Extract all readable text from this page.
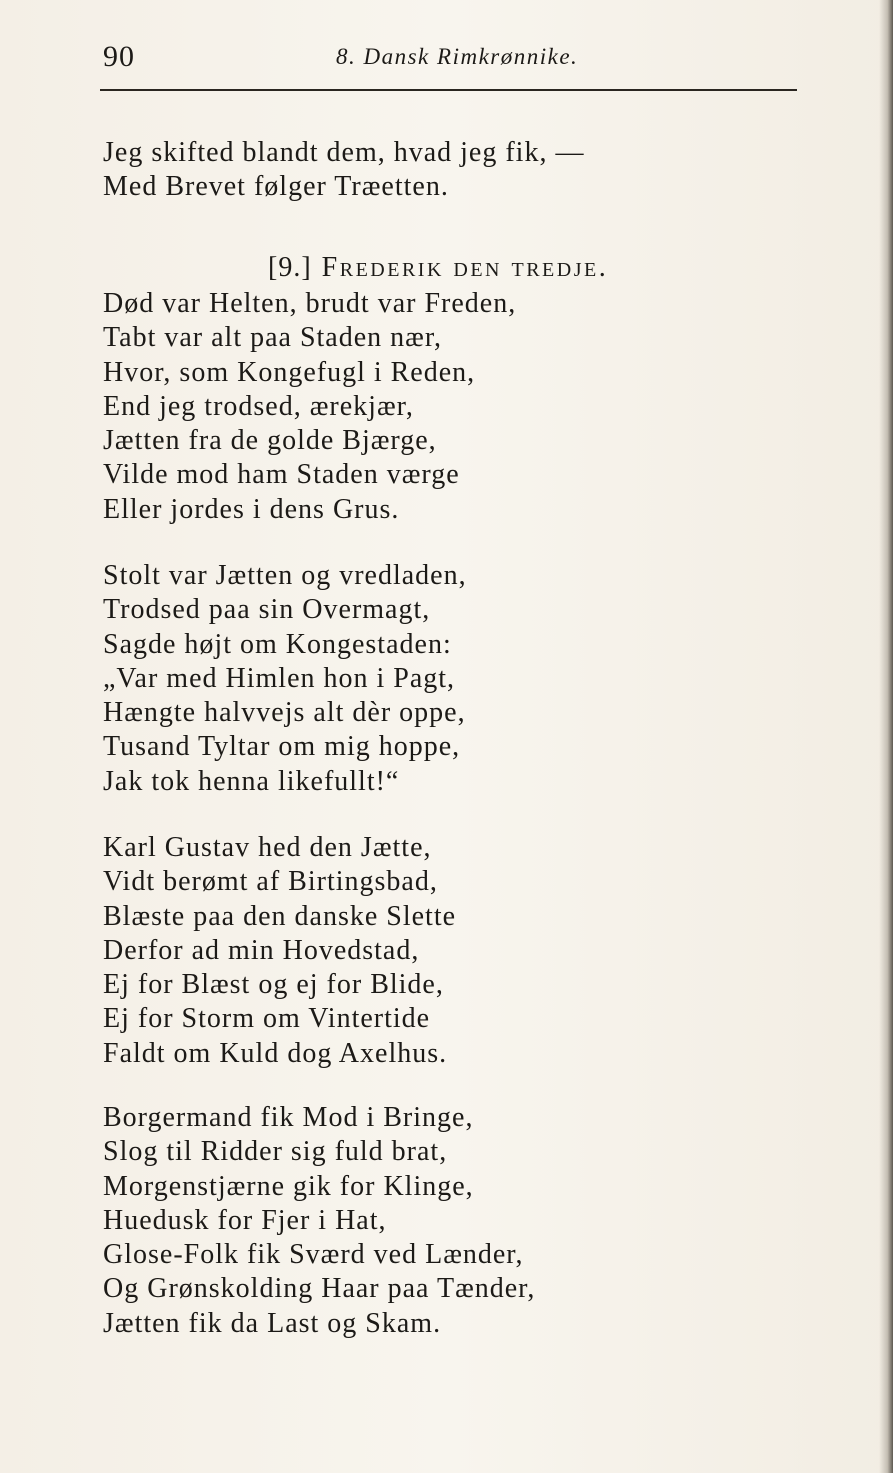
90	8. Dansk Rimkrønnike.
Jeg skifted blandt dem, hvad jeg fik, —
Med Brevet følger Træetten.
[9.] Frederik den tredje.
Død var Helten, brudt var Freden,
Tabt var alt paa Staden nær,
Hvor, som Kongefugl i Reden,
End jeg trodsed, ærekjær,
Jætten fra de golde Bjærge,
Vilde mod ham Staden værge
Eller jordes i dens Grus.
Stolt var Jætten og vredladen,
Trodsed paa sin Overmagt,
Sagde højt om Kongestaden:
„Var med Himlen hon i Pagt,
Hængte halvvejs alt dèr oppe,
Tusand Tyltar om mig hoppe,
Jak tok henna likefullt!“
Karl Gustav hed den Jætte,
Vidt berømt af Birtingsbad,
Blæste paa den danske Slette
Derfor ad min Hovedstad,
Ej for Blæst og ej for Blide,
Ej for Storm om Vintertide
Faldt om Kuld dog Axelhus.
Borgermand fik Mod i Bringe,
Slog til Ridder sig fuld brat,
Morgenstjærne gik for Klinge,
Huedusk for Fjer i Hat,
Glose-Folk fik Sværd ved Lænder,
Og Grønskolding Haar paa Tænder,
Jætten fik da Last og Skam.
